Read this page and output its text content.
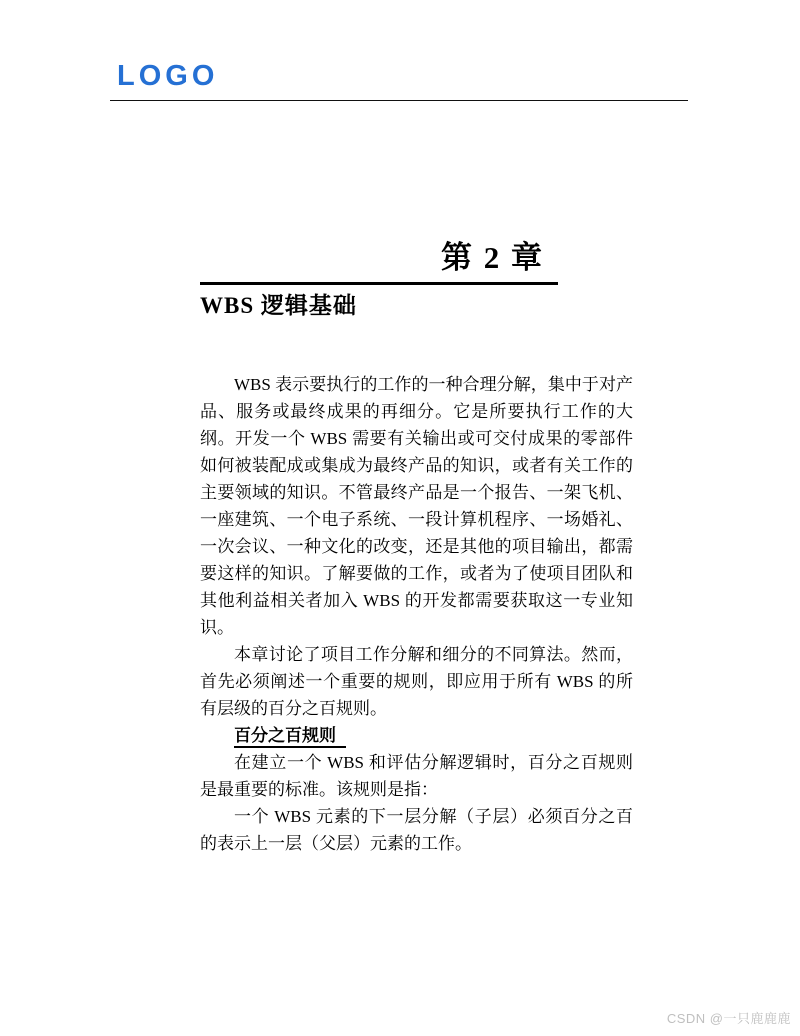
LOGO
第 2 章
WBS 逻辑基础

WBS 表示要执行的工作的一种合理分解，集中于对产品、服务或最终成果的再细分。它是所要执行工作的大纲。开发一个 WBS 需要有关输出或可交付成果的零部件如何被装配成或集成为最终产品的知识，或者有关工作的主要领域的知识。不管最终产品是一个报告、一架飞机、一座建筑、一个电子系统、一段计算机程序、一场婚礼、一次会议、一种文化的改变，还是其他的项目输出，都需要这样的知识。了解要做的工作，或者为了使项目团队和其他利益相关者加入 WBS 的开发都需要获取这一专业知识。

本章讨论了项目工作分解和细分的不同算法。然而，首先必须阐述一个重要的规则，即应用于所有 WBS 的所有层级的百分之百规则。

百分之百规则

在建立一个 WBS 和评估分解逻辑时，百分之百规则是最重要的标准。该规则是指：

一个 WBS 元素的下一层分解（子层）必须百分之百的表示上一层（父层）元素的工作。

CSDN @一只鹿鹿鹿
